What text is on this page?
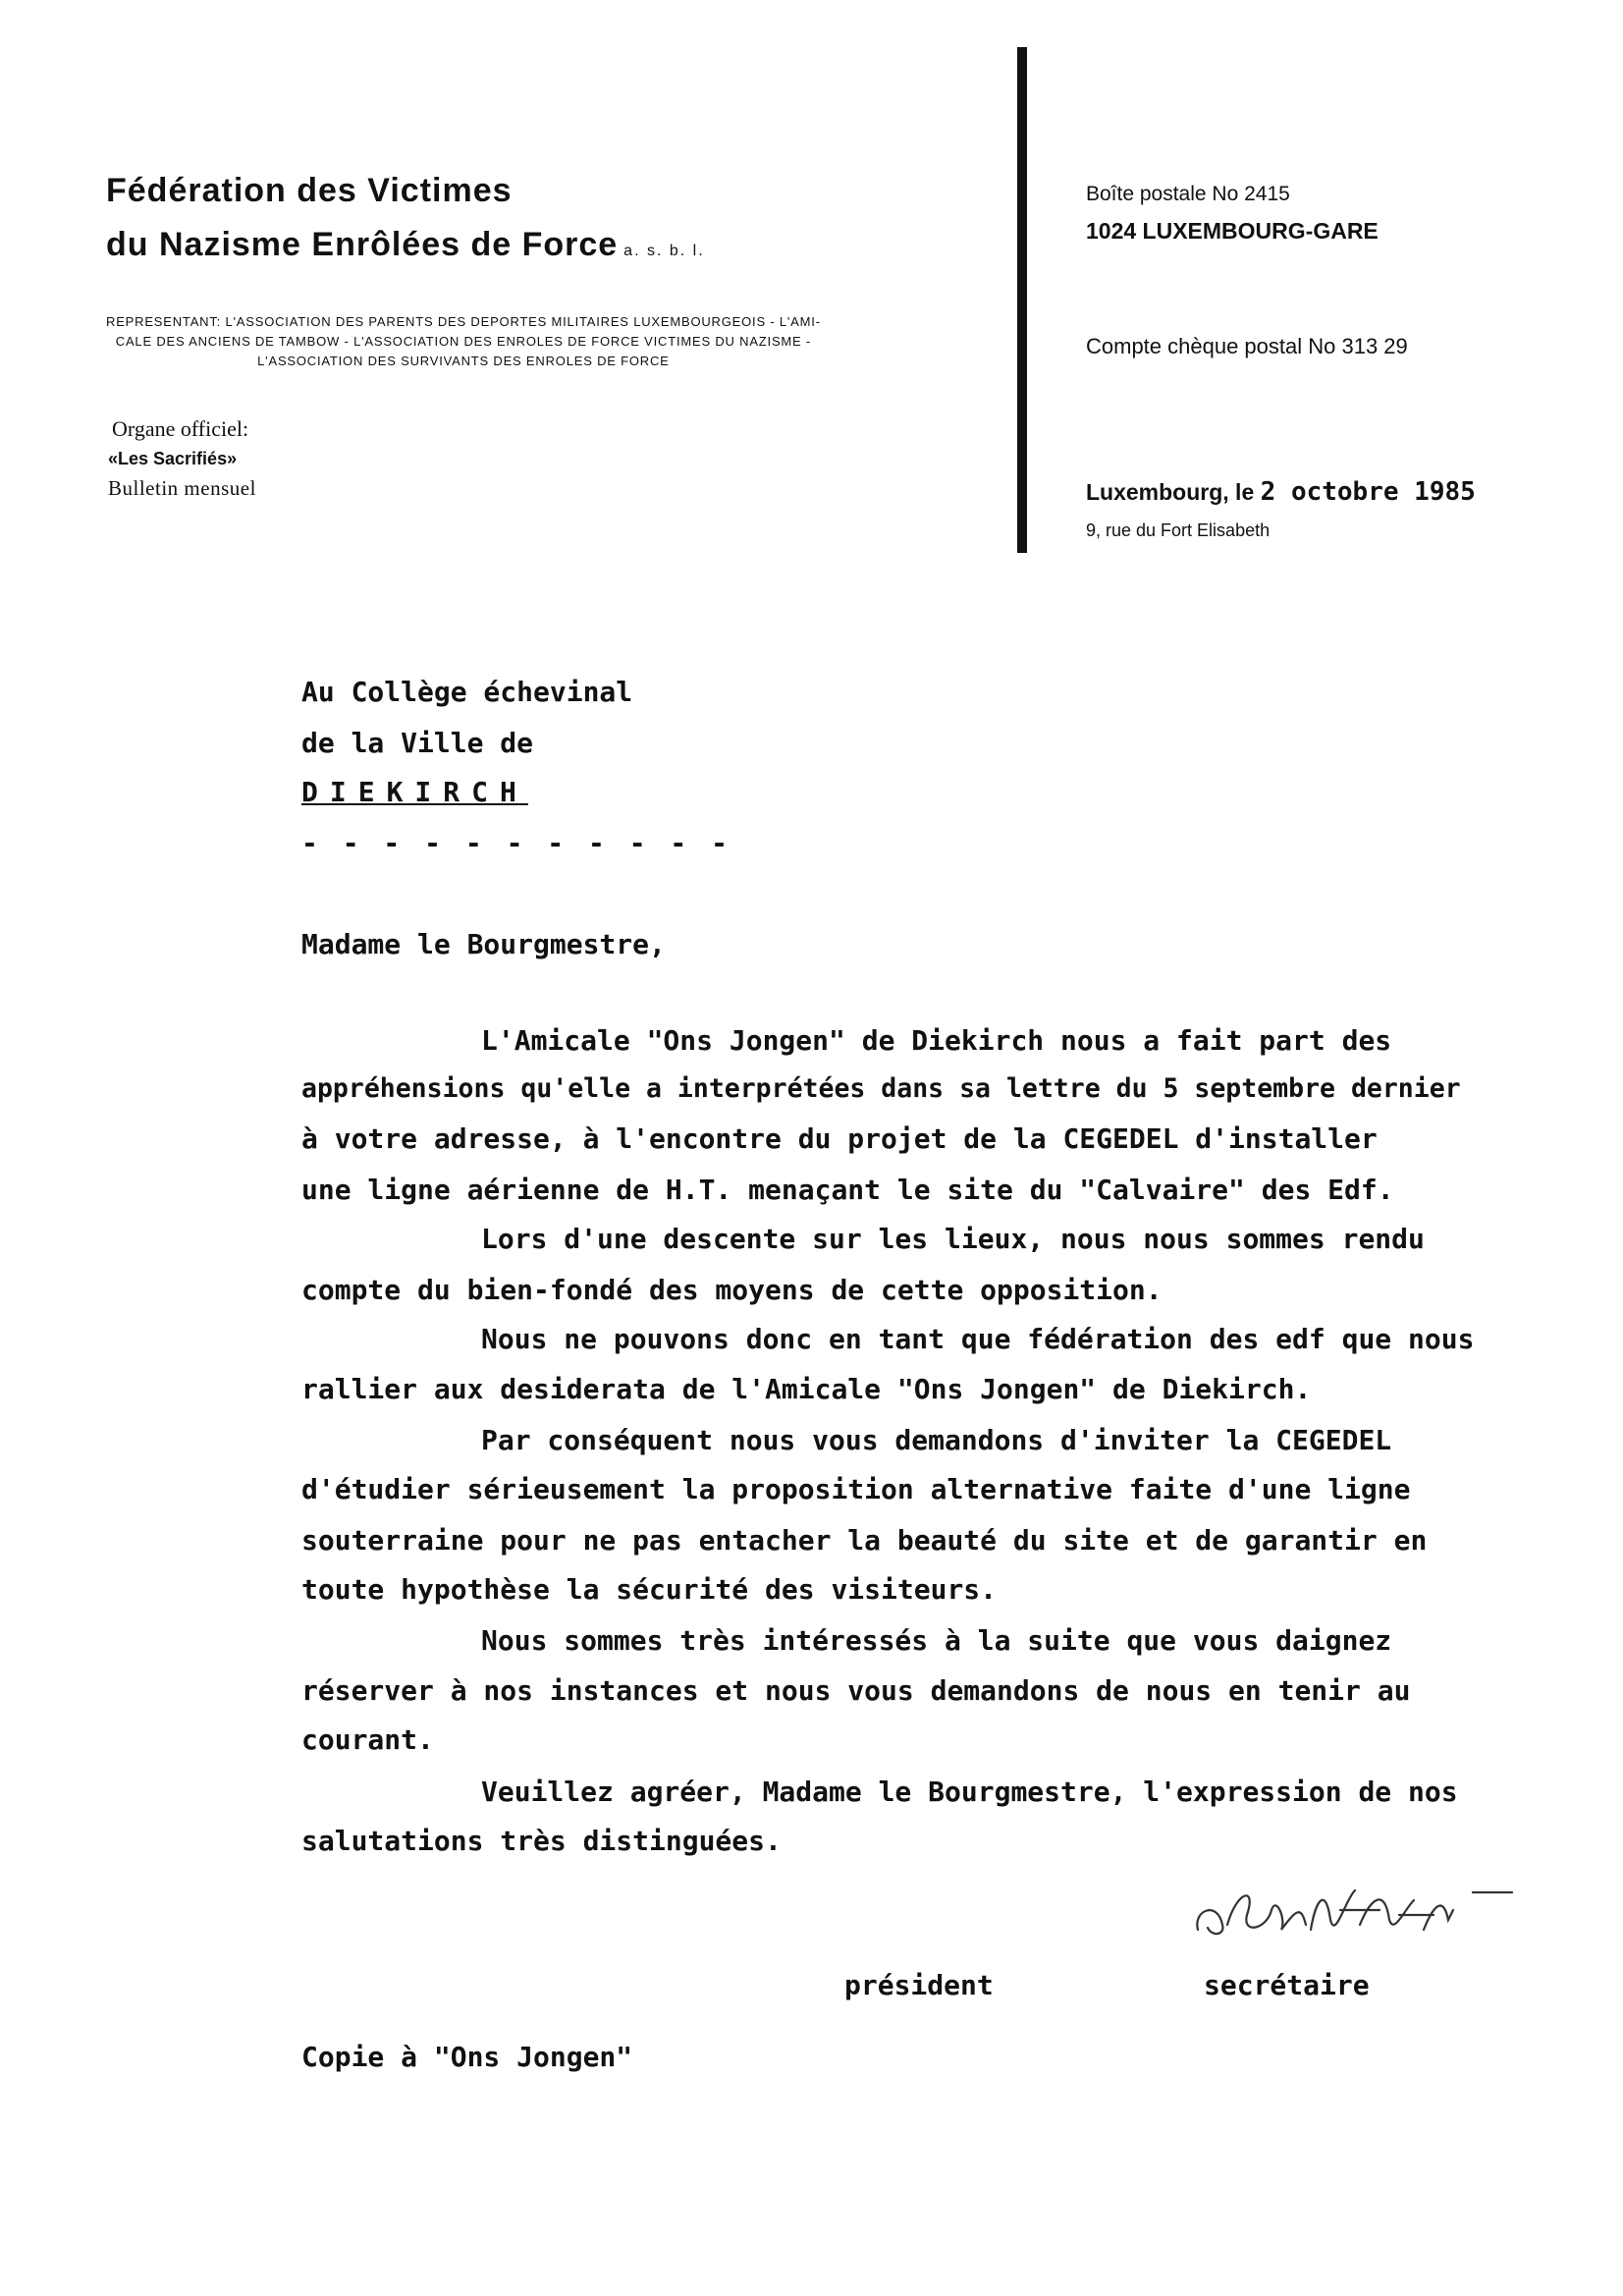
Fédération des Victimes
du Nazisme Enrôlées de Force a. s. b. l.
REPRESENTANT: L'ASSOCIATION DES PARENTS DES DEPORTES MILITAIRES LUXEMBOURGEOIS - L'AMI-
CALE DES ANCIENS DE TAMBOW - L'ASSOCIATION DES ENROLES DE FORCE VICTIMES DU NAZISME -
L'ASSOCIATION DES SURVIVANTS DES ENROLES DE FORCE
Organe officiel:
«Les Sacrifiés»
Bulletin mensuel
Boîte postale No 2415
1024 LUXEMBOURG-GARE
Compte chèque postal No 313 29
Luxembourg, le 2 octobre 1985
9, rue du Fort Elisabeth
Au Collège échevinal
de la Ville de
DIEKIRCH
- - - - - - - - - - -
Madame le Bourgmestre,
L'Amicale "Ons Jongen" de Diekirch nous a fait part des
appréhensions qu'elle a interprétées dans sa lettre du 5 septembre dernier
à votre adresse, à l'encontre du projet de la CEGEDEL d'installer
une ligne aérienne de H.T. menaçant le site du "Calvaire" des Edf.
Lors d'une descente sur les lieux, nous nous sommes rendu
compte du bien-fondé des moyens de cette opposition.
Nous ne pouvons donc en tant que fédération des edf que nous
rallier aux desiderata de l'Amicale "Ons Jongen" de Diekirch.
Par conséquent nous vous demandons d'inviter la CEGEDEL
d'étudier sérieusement la proposition alternative faite d'une ligne
souterraine pour ne pas entacher la beauté du site et de garantir en
toute hypothèse la sécurité des visiteurs.
Nous sommes très intéressés à la suite que vous daignez
réserver à nos instances et nous vous demandons de nous en tenir au
courant.
Veuillez agréer, Madame le Bourgmestre, l'expression de nos
salutations très distinguées.
président	secrétaire
Copie à "Ons Jongen"
